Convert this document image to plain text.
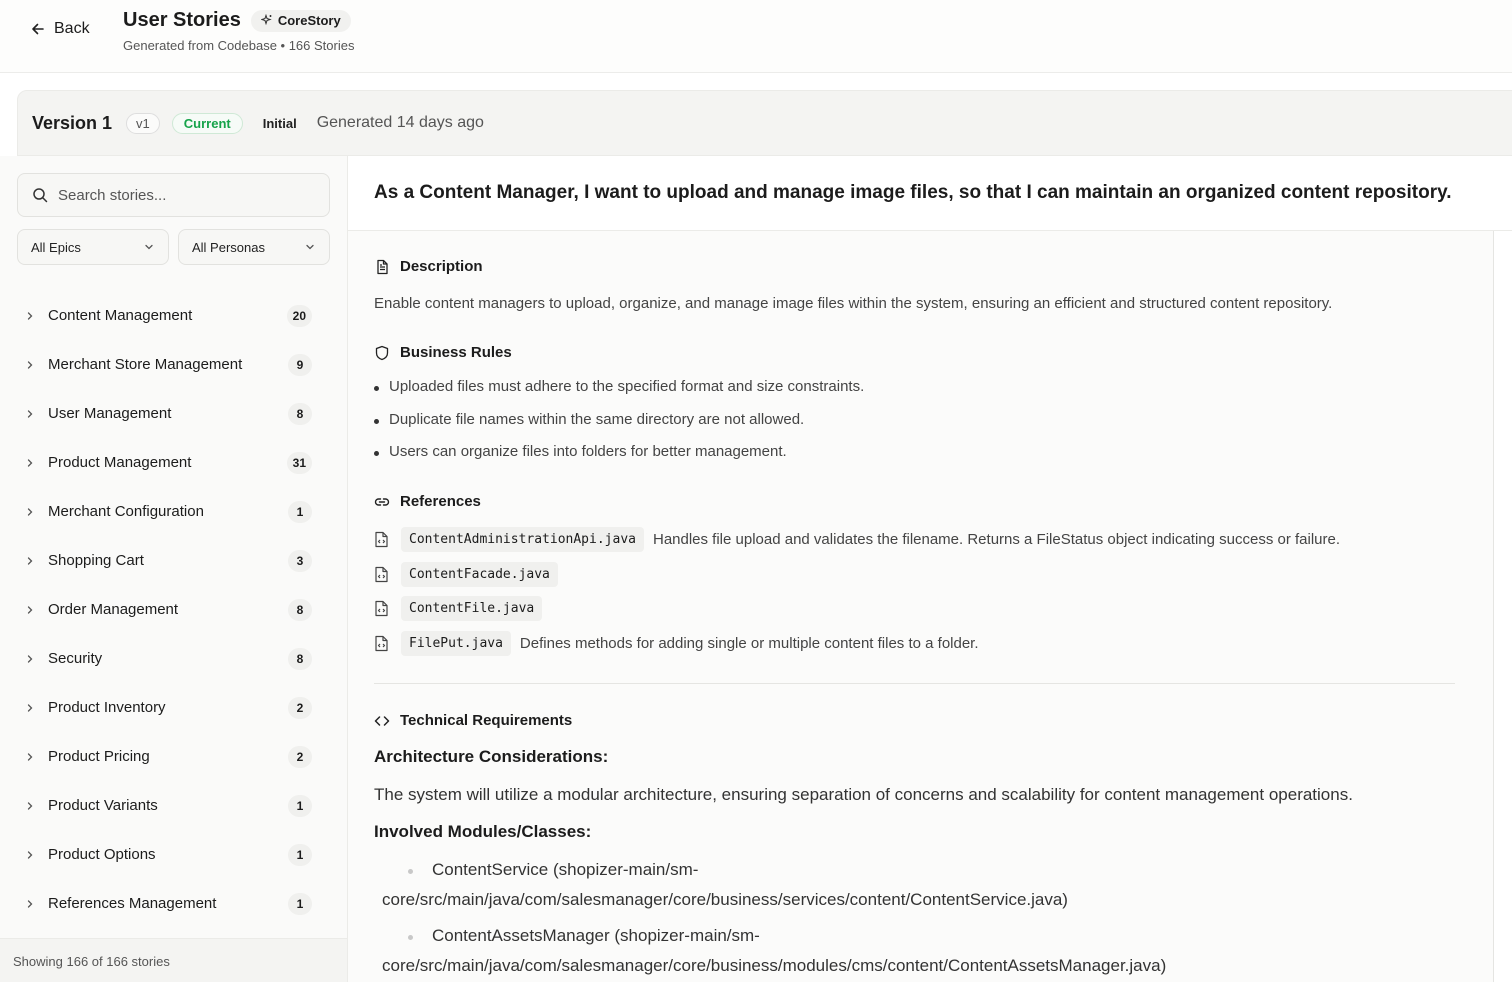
Back User Stories	CoreStory
Generated from Codebase • 166 Stories
Version 1	v1	Current	Initial	Generated 14 days ago
Search stories...
All Epics	All Personas
Content Management	20
Merchant Store Management	9
User Management	8
Product Management	31
Merchant Configuration	1
Shopping Cart	3
Order Management	8
Security	8
Product Inventory	2
Product Pricing	2
Product Variants	1
Product Options	1
References Management	1
Showing 166 of 166 stories
As a Content Manager, I want to upload and manage image files, so that I can maintain an organized content repository.
Description
Enable content managers to upload, organize, and manage image files within the system, ensuring an efficient and structured content repository.
Business Rules
Uploaded files must adhere to the specified format and size constraints.
Duplicate file names within the same directory are not allowed.
Users can organize files into folders for better management.
References
ContentAdministrationApi.java	Handles file upload and validates the filename. Returns a FileStatus object indicating success or failure.
ContentFacade.java
ContentFile.java
FilePut.java	Defines methods for adding single or multiple content files to a folder.
Technical Requirements
Architecture Considerations:
The system will utilize a modular architecture, ensuring separation of concerns and scalability for content management operations.
Involved Modules/Classes:
ContentService (shopizer-main/sm-
core/src/main/java/com/salesmanager/core/business/services/content/ContentService.java)
ContentAssetsManager (shopizer-main/sm-
core/src/main/java/com/salesmanager/core/business/modules/cms/content/ContentAssetsManager.java)
